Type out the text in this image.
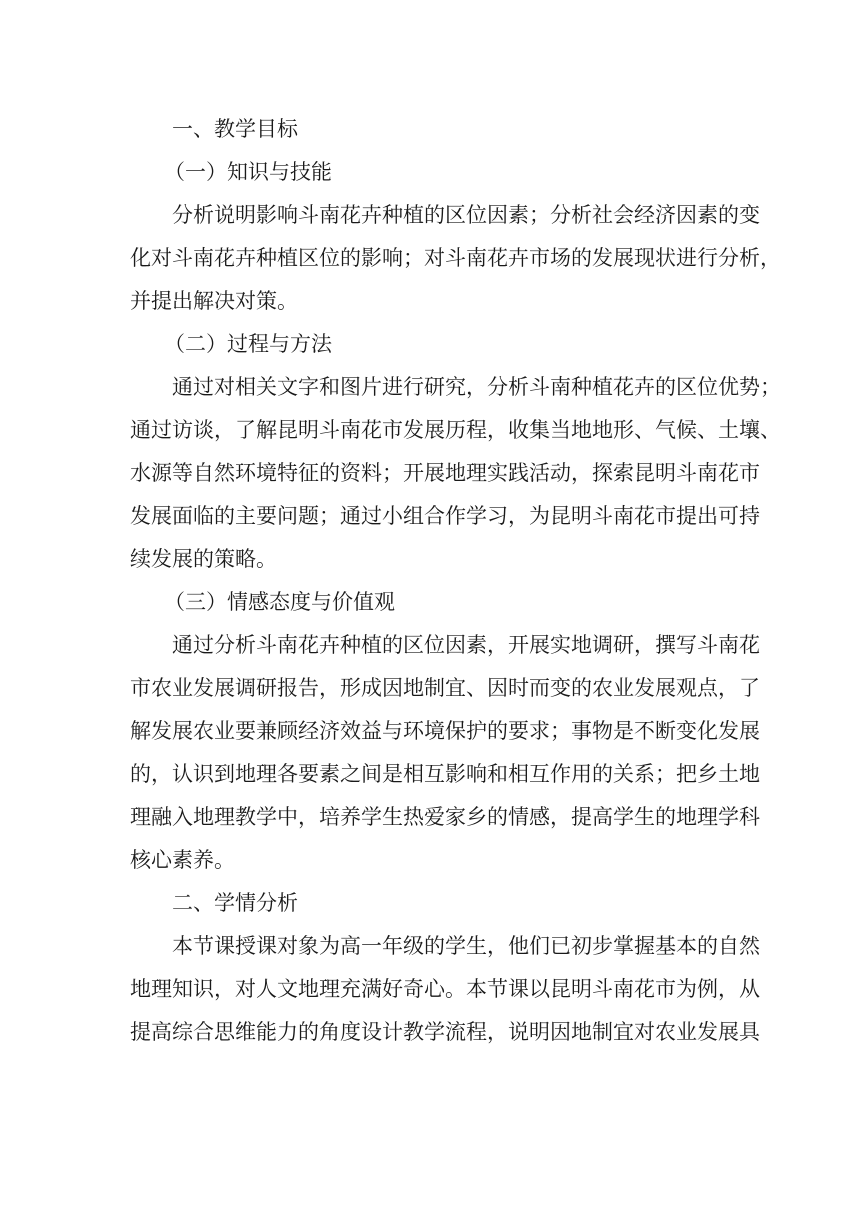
一、教学目标
（一）知识与技能
分析说明影响斗南花卉种植的区位因素；分析社会经济因素的变
化对斗南花卉种植区位的影响；对斗南花卉市场的发展现状进行分析，
并提出解决对策。
（二）过程与方法
通过对相关文字和图片进行研究，分析斗南种植花卉的区位优势；
通过访谈，了解昆明斗南花市发展历程，收集当地地形、气候、土壤、
水源等自然环境特征的资料；开展地理实践活动，探索昆明斗南花市
发展面临的主要问题；通过小组合作学习，为昆明斗南花市提出可持
续发展的策略。
（三）情感态度与价值观
通过分析斗南花卉种植的区位因素，开展实地调研，撰写斗南花
市农业发展调研报告，形成因地制宜、因时而变的农业发展观点，了
解发展农业要兼顾经济效益与环境保护的要求；事物是不断变化发展
的，认识到地理各要素之间是相互影响和相互作用的关系；把乡土地
理融入地理教学中，培养学生热爱家乡的情感，提高学生的地理学科
核心素养。
二、学情分析
本节课授课对象为高一年级的学生，他们已初步掌握基本的自然
地理知识，对人文地理充满好奇心。本节课以昆明斗南花市为例，从
提高综合思维能力的角度设计教学流程，说明因地制宜对农业发展具
